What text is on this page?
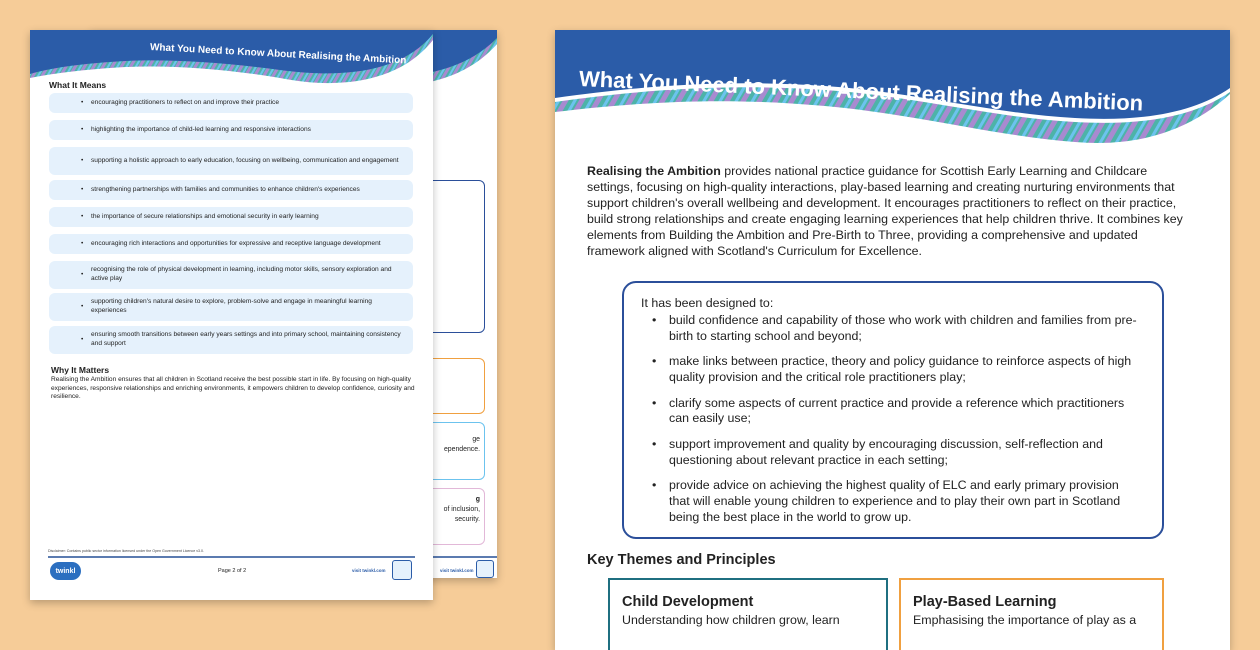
What You Need to Know About Realising the Ambition
What It Means
• encouraging practitioners to reflect on and improve their practice
• highlighting the importance of child-led learning and responsive interactions
• supporting a holistic approach to early education, focusing on wellbeing, communication and engagement
• strengthening partnerships with families and communities to enhance children's experiences
• the importance of secure relationships and emotional security in early learning
• encouraging rich interactions and opportunities for expressive and receptive language development
•
recognising the role of physical development in learning, including motor skills, sensory exploration and active play
•
supporting children's natural desire to explore, problem-solve and engage in meaningful learning experiences
•
ensuring smooth transitions between early years settings and into primary school, maintaining consistency and support
Why It Matters
Realising the Ambition ensures that all children in Scotland receive the best possible start in life. By focusing on high-quality experiences, responsive relationships and enriching environments, it empowers children to develop confidence, curiosity and resilience.
Disclaimer: Contains public sector information licensed under the Open Government Licence v3.0.
twinkl	Page 2 of 2	visit twinkl.com
ge
ependence.
g
of inclusion,
security.
visit twinkl.com
What You Need to Know About Realising the Ambition
Realising the Ambition provides national practice guidance for Scottish Early Learning and Childcare settings, focusing on high-quality interactions, play-based learning and creating nurturing environments that support children's overall wellbeing and development. It encourages practitioners to reflect on their practice, build strong relationships and create engaging learning experiences that help children thrive. It combines key elements from Building the Ambition and Pre-Birth to Three, providing a comprehensive and updated framework aligned with Scotland's Curriculum for Excellence.
It has been designed to:
• build confidence and capability of those who work with children and families from pre-birth to starting school and beyond;
• make links between practice, theory and policy guidance to reinforce aspects of high quality provision and the critical role practitioners play;
• clarify some aspects of current practice and provide a reference which practitioners can easily use;
• support improvement and quality by encouraging discussion, self-reflection and questioning about relevant practice in each setting;
• provide advice on achieving the highest quality of ELC and early primary provision that will enable young children to experience and to play their own part in Scotland being the best place in the world to grow up.
Key Themes and Principles
Child Development
Understanding how children grow, learn
Play-Based Learning
Emphasising the importance of play as a
